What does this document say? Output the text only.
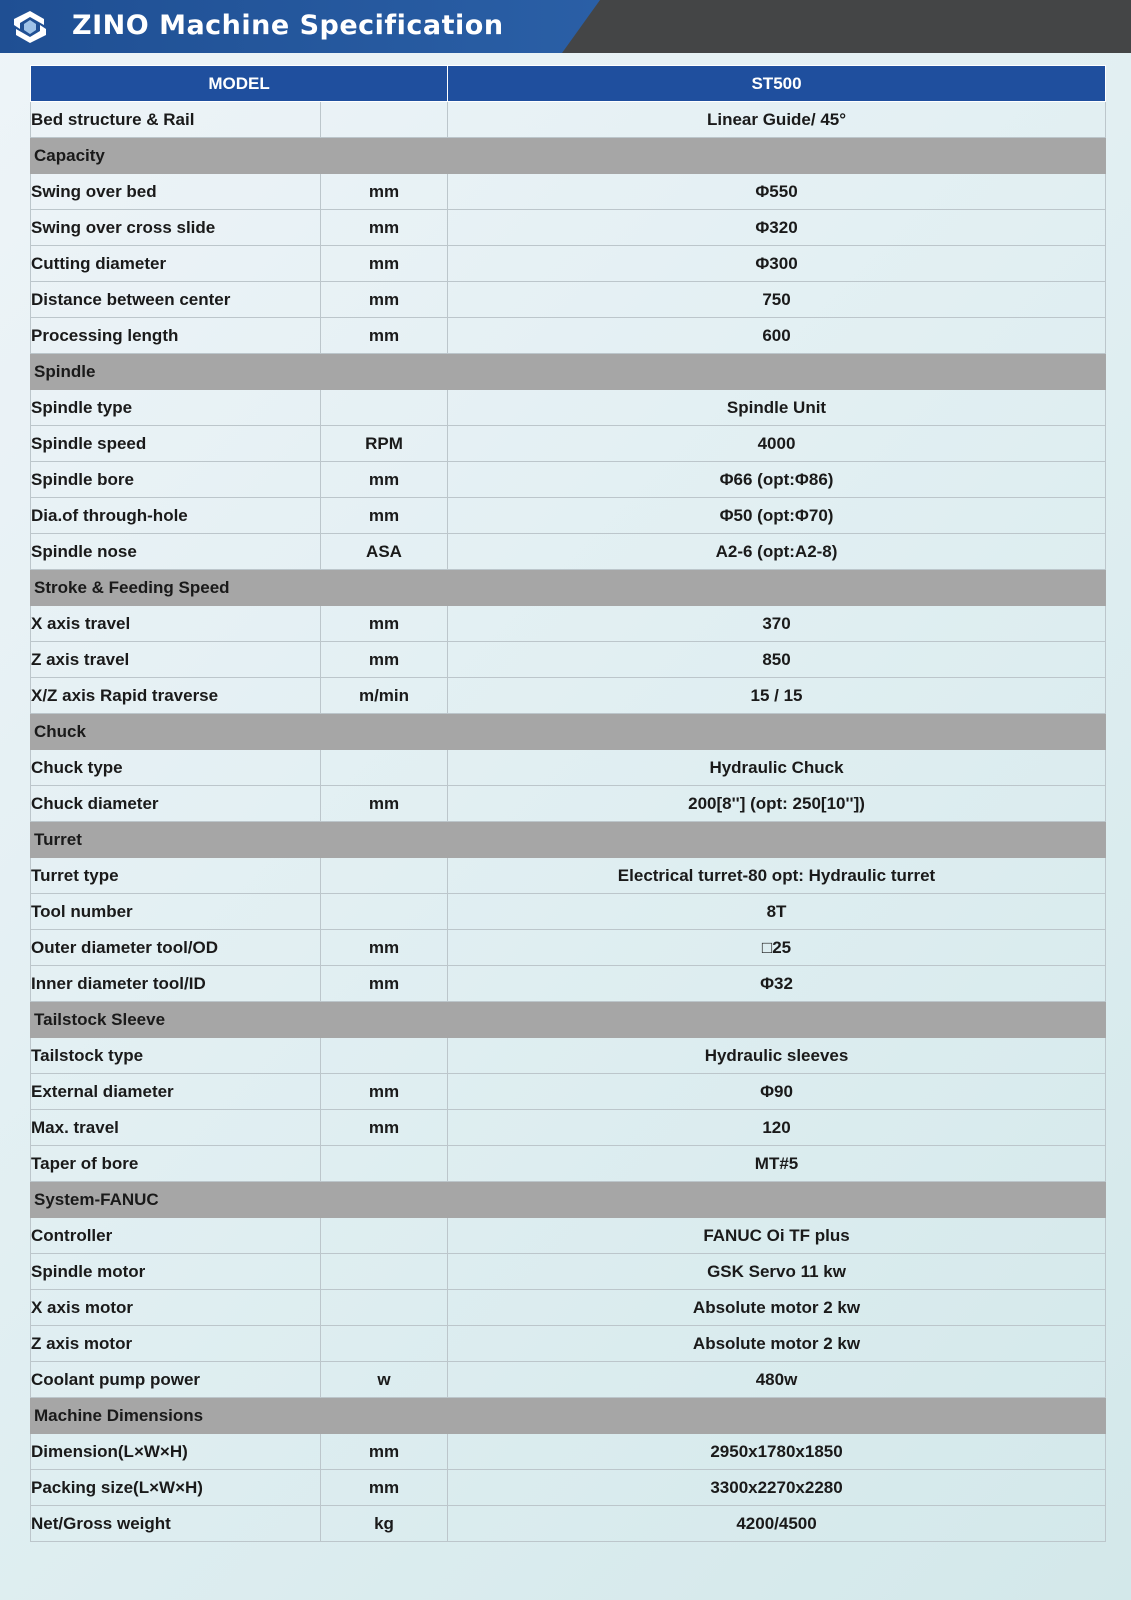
ZINO Machine Specification
MODEL		ST500
Bed structure & Rail		Linear Guide/ 45°
Capacity		
Swing over bed	mm	Φ550
Swing over cross slide	mm	Φ320
Cutting diameter	mm	Φ300
Distance between center	mm	750
Processing length	mm	600
Spindle		
Spindle type		Spindle Unit
Spindle speed	RPM	4000
Spindle bore	mm	Φ66 (opt:Φ86)
Dia.of through-hole	mm	Φ50 (opt:Φ70)
Spindle nose	ASA	A2-6 (opt:A2-8)
Stroke & Feeding Speed		
X axis travel	mm	370
Z axis travel	mm	850
X/Z axis Rapid traverse	m/min	15 / 15
Chuck		
Chuck type		Hydraulic Chuck
Chuck diameter	mm	200[8''] (opt: 250[10''])
Turret		
Turret type		Electrical turret-80 opt: Hydraulic turret
Tool number		8T
Outer diameter tool/OD	mm	□25
Inner diameter tool/ID	mm	Φ32
Tailstock Sleeve		
Tailstock type		Hydraulic sleeves
External diameter	mm	Φ90
Max. travel	mm	120
Taper of bore		MT#5
System-FANUC		
Controller		FANUC Oi TF plus
Spindle motor		GSK Servo 11 kw
X axis motor		Absolute motor 2 kw
Z axis motor		Absolute motor 2 kw
Coolant pump power	w	480w
Machine Dimensions		
Dimension(L×W×H)	mm	2950x1780x1850
Packing size(L×W×H)	mm	3300x2270x2280
Net/Gross weight	kg	4200/4500
